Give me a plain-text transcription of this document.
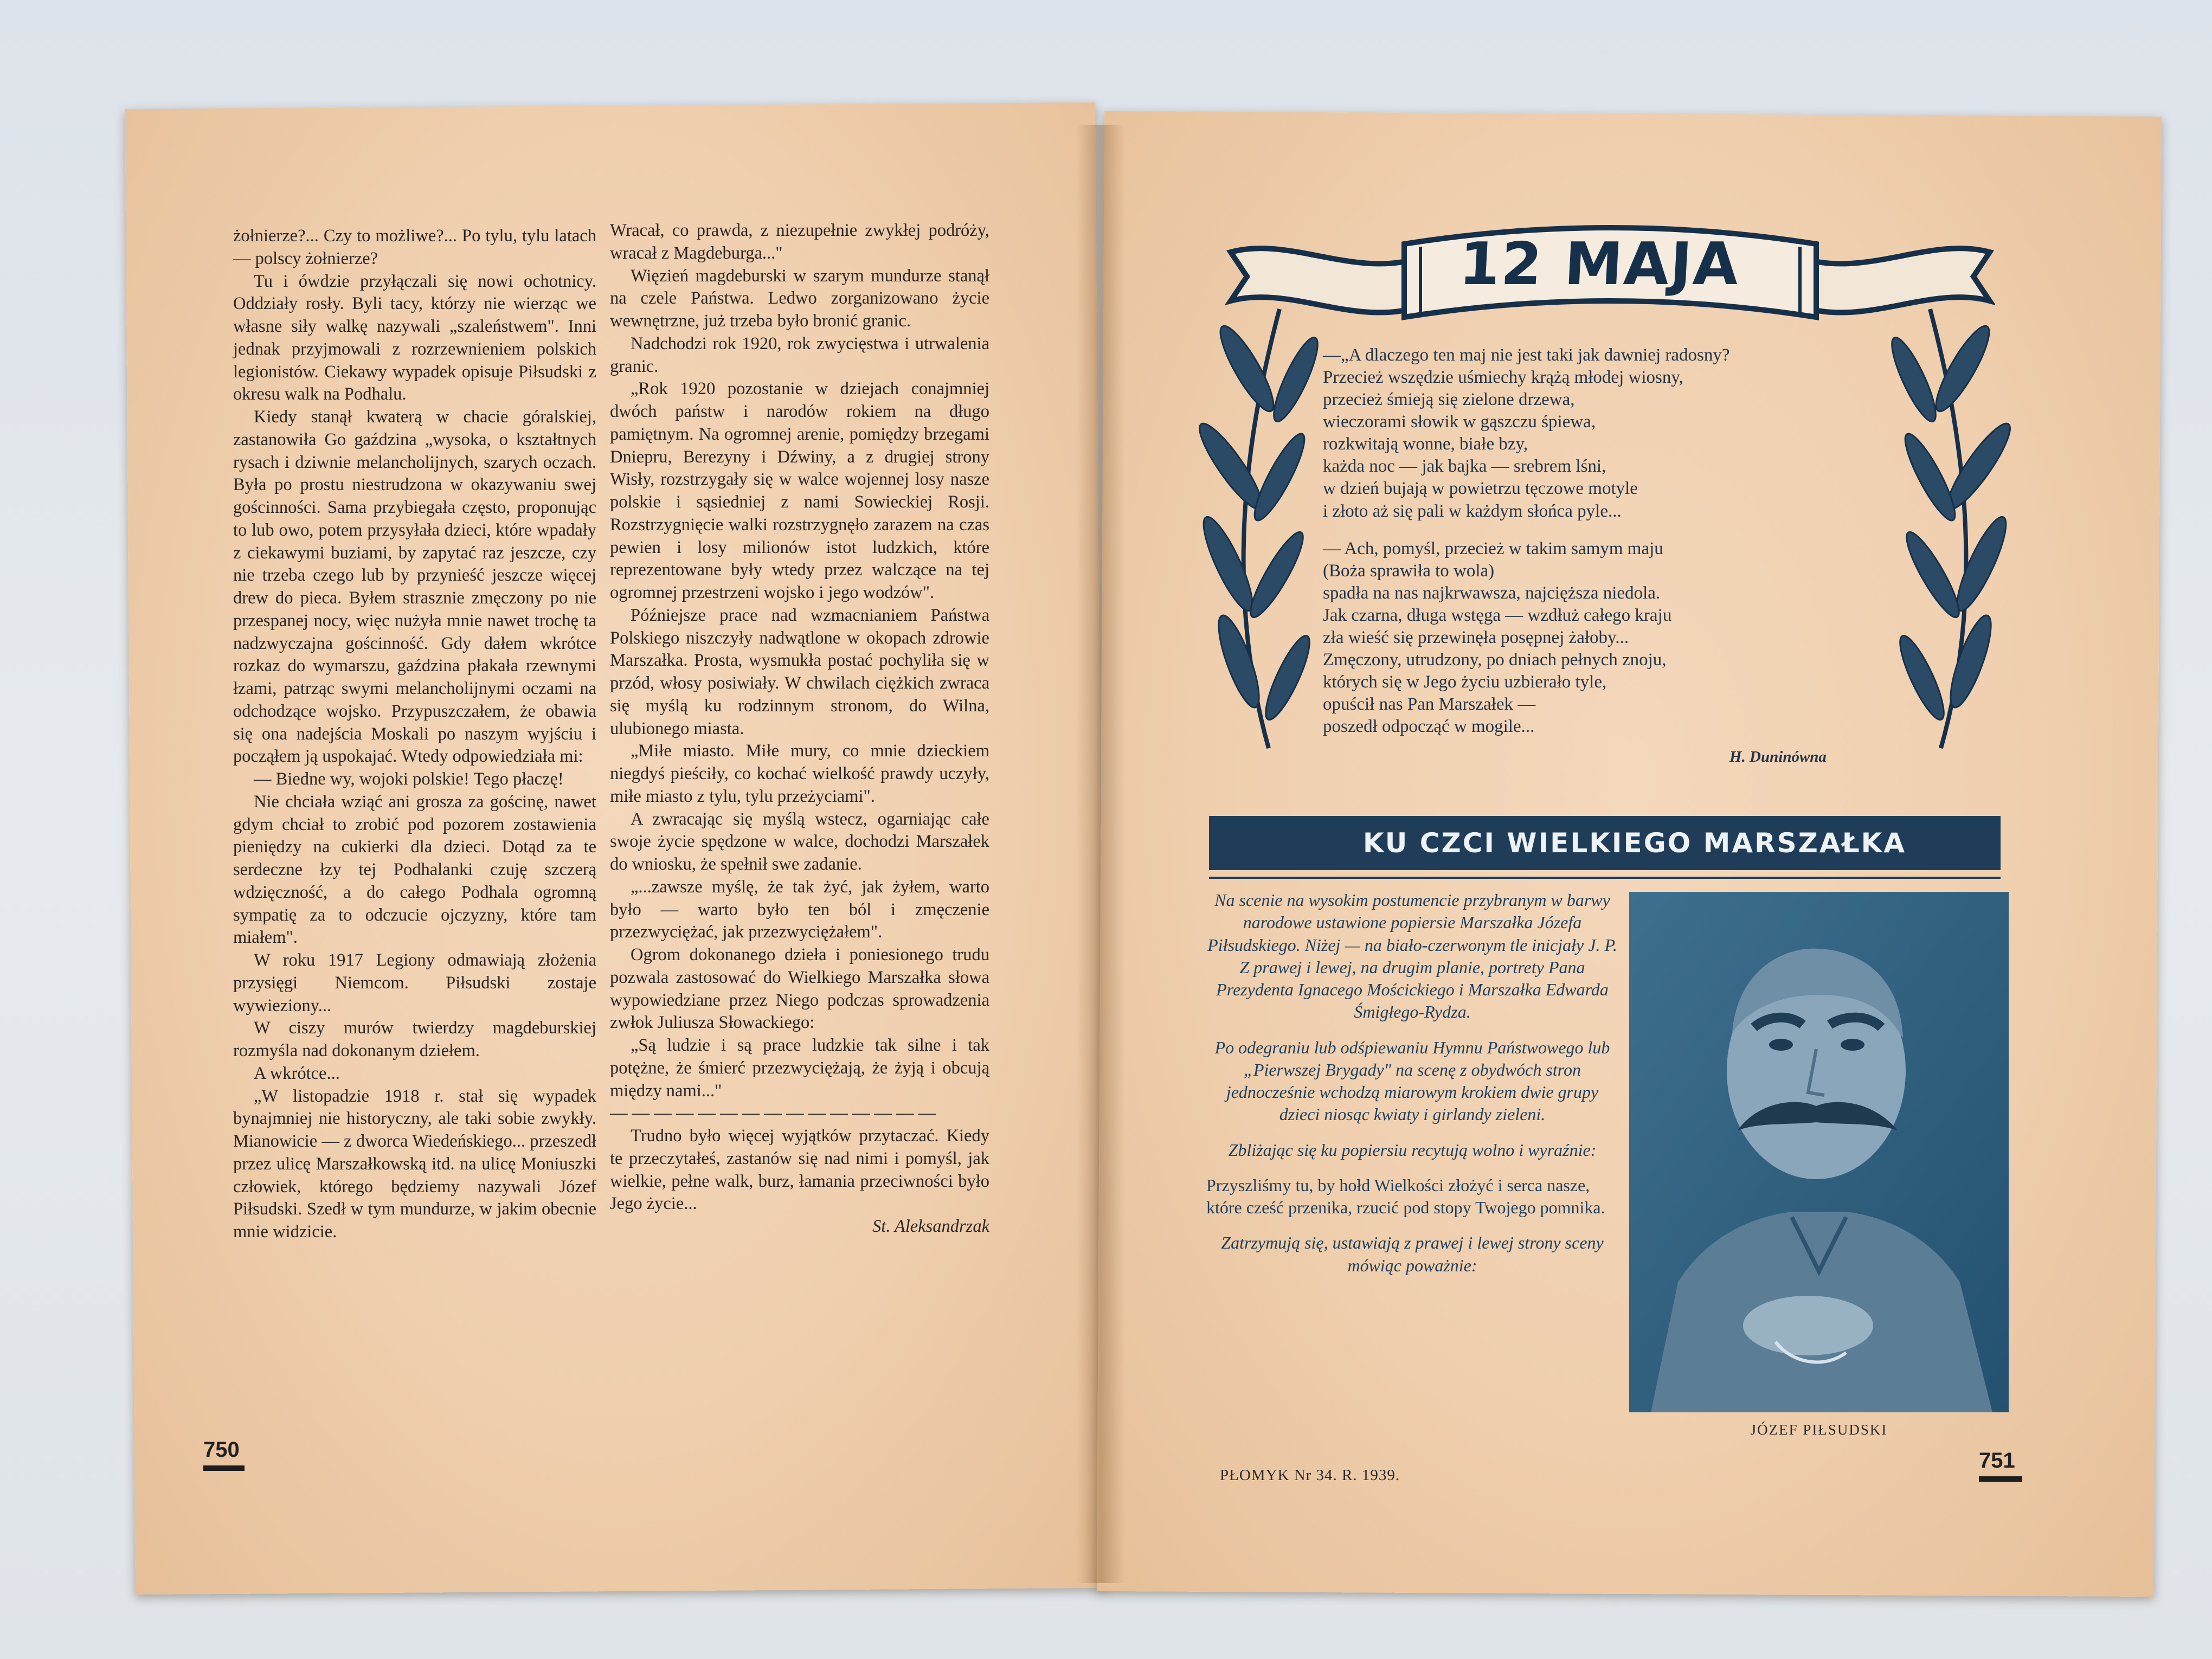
żołnierze?... Czy to możliwe?... Po tylu, tylu latach — polscy żołnierze?

Tu i ówdzie przyłączali się nowi ochotnicy. Oddziały rosły. Byli tacy, którzy nie wierząc we własne siły walkę nazywali „szaleństwem". Inni jednak przyjmowali z rozrzewnieniem polskich legionistów. Ciekawy wypadek opisuje Piłsudski z okresu walk na Podhalu.

Kiedy stanął kwaterą w chacie góralskiej, zastanowiła Go gaździna „wysoka, o kształtnych rysach i dziwnie melancholijnych, szarych oczach. Była po prostu niestrudzona w okazywaniu swej gościnności. Sama przybiegała często, proponując to lub owo, potem przysyłała dzieci, które wpadały z ciekawymi buziami, by zapytać raz jeszcze, czy nie trzeba czego lub by przynieść jeszcze więcej drew do pieca. Byłem strasznie zmęczony po nie przespanej nocy, więc nużyła mnie nawet trochę ta nadzwyczajna gościnność. Gdy dałem wkrótce rozkaz do wymarszu, gaździna płakała rzewnymi łzami, patrząc swymi melancholijnymi oczami na odchodzące wojsko. Przypuszczałem, że obawia się ona nadejścia Moskali po naszym wyjściu i począłem ją uspokajać. Wtedy odpowiedziała mi:

— Biedne wy, wojoki polskie! Tego płaczę!

Nie chciała wziąć ani grosza za gościnę, nawet gdym chciał to zrobić pod pozorem zostawienia pieniędzy na cukierki dla dzieci. Dotąd za te serdeczne łzy tej Podhalanki czuję szczerą wdzięczność, a do całego Podhala ogromną sympatię za to odczucie ojczyzny, które tam miałem".

W roku 1917 Legiony odmawiają złożenia przysięgi Niemcom. Piłsudski zostaje wywieziony...

W ciszy murów twierdzy magdeburskiej rozmyśla nad dokonanym dziełem.

A wkrótce...

„W listopadzie 1918 r. stał się wypadek bynajmniej nie historyczny, ale taki sobie zwykły. Mianowicie — z dworca Wiedeńskiego... przeszedł przez ulicę Marszałkowską itd. na ulicę Moniuszki człowiek, którego będziemy nazywali Józef Piłsudski. Szedł w tym mundurze, w jakim obecnie mnie widzicie.

Wracał, co prawda, z niezupełnie zwykłej podróży, wracał z Magdeburga..."

Więzień magdeburski w szarym mundurze stanął na czele Państwa. Ledwo zorganizowano życie wewnętrzne, już trzeba było bronić granic.

Nadchodzi rok 1920, rok zwycięstwa i utrwalenia granic.

„Rok 1920 pozostanie w dziejach conajmniej dwóch państw i narodów rokiem na długo pamiętnym. Na ogromnej arenie, pomiędzy brzegami Dniepru, Berezyny i Dźwiny, a z drugiej strony Wisły, rozstrzygały się w walce wojennej losy nasze polskie i sąsiedniej z nami Sowieckiej Rosji. Rozstrzygnięcie walki rozstrzygnęło zarazem na czas pewien i losy milionów istot ludzkich, które reprezentowane były wtedy przez walczące na tej ogromnej przestrzeni wojsko i jego wodzów".

Późniejsze prace nad wzmacnianiem Państwa Polskiego niszczyły nadwątlone w okopach zdrowie Marszałka. Prosta, wysmukła postać pochyliła się w przód, włosy posiwiały. W chwilach ciężkich zwraca się myślą ku rodzinnym stronom, do Wilna, ulubionego miasta.

„Miłe miasto. Miłe mury, co mnie dzieckiem niegdyś pieściły, co kochać wielkość prawdy uczyły, miłe miasto z tylu, tylu przeżyciami".

A zwracając się myślą wstecz, ogarniając całe swoje życie spędzone w walce, dochodzi Marszałek do wniosku, że spełnił swe zadanie.

„...zawsze myślę, że tak żyć, jak żyłem, warto było — warto było ten ból i zmęczenie przezwyciężać, jak przezwyciężałem".

Ogrom dokonanego dzieła i poniesionego trudu pozwala zastosować do Wielkiego Marszałka słowa wypowiedziane przez Niego podczas sprowadzenia zwłok Juliusza Słowackiego:

„Są ludzie i są prace ludzkie tak silne i tak potężne, że śmierć przezwyciężają, że żyją i obcują między nami..."

— — — — — — — — — — — — — — —

Trudno było więcej wyjątków przytaczać. Kiedy te przeczytałeś, zastanów się nad nimi i pomyśl, jak wielkie, pełne walk, burz, łamania przeciwności było Jego życie...

St. Aleksandrzak

750
12 MAJA
—„A dlaczego ten maj nie jest taki jak dawniej radosny?
Przecież wszędzie uśmiechy krążą młodej wiosny,
przecież śmieją się zielone drzewa,
wieczorami słowik w gąszczu śpiewa,
rozkwitają wonne, białe bzy,
każda noc — jak bajka — srebrem lśni,
w dzień bujają w powietrzu tęczowe motyle
i złoto aż się pali w każdym słońca pyle...
— Ach, pomyśl, przecież w takim samym maju
(Boża sprawiła to wola)
spadła na nas najkrwawsza, najcięższa niedola.
Jak czarna, długa wstęga — wzdłuż całego kraju
zła wieść się przewinęła posępnej żałoby...
Zmęczony, utrudzony, po dniach pełnych znoju,
których się w Jego życiu uzbierało tyle,
opuścił nas Pan Marszałek —
poszedł odpocząć w mogile...
H. Duninówna
KU CZCI WIELKIEGO MARSZAŁKA

Na scenie na wysokim postumencie przybranym w barwy narodowe ustawione popiersie Marszałka Józefa Piłsudskiego. Niżej — na biało-czerwonym tle inicjały J. P. Z prawej i lewej, na drugim planie, portrety Pana Prezydenta Ignacego Mościckiego i Marszałka Edwarda Śmigłego-Rydza.

Po odegraniu lub odśpiewaniu Hymnu Państwowego lub „Pierwszej Brygady" na scenę z obydwóch stron jednocześnie wchodzą miarowym krokiem dwie grupy dzieci niosąc kwiaty i girlandy zieleni.

Zbliżając się ku popiersiu recytują wolno i wyraźnie:

Przyszliśmy tu, by hołd Wielkości złożyć i serca nasze, które cześć przenika, rzucić pod stopy Twojego pomnika.

Zatrzymują się, ustawiają z prawej i lewej strony sceny mówiąc poważnie:

JÓZEF PIŁSUDSKI
PŁOMYK Nr 34. R. 1939.
751
